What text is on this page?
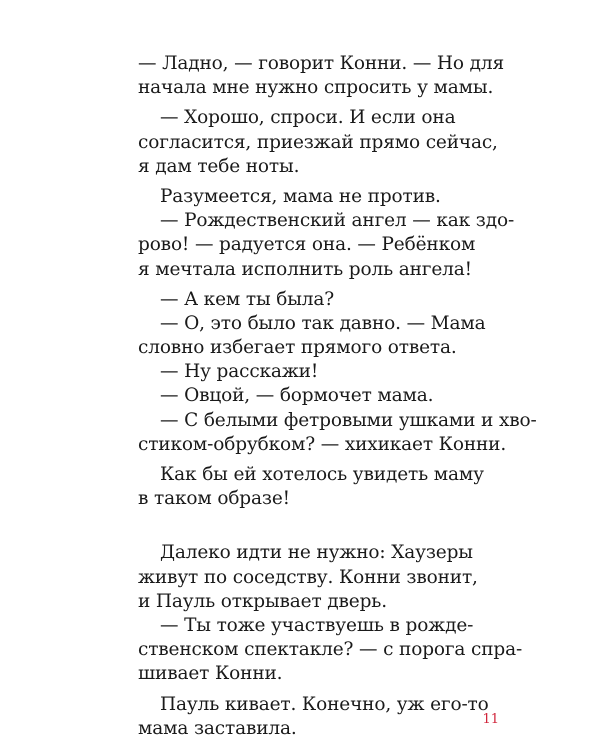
— Ладно, — говорит Конни. — Но для
начала мне нужно спросить у мамы.
— Хорошо, спроси. И если она
согласится, приезжай прямо сейчас,
я дам тебе ноты.
Разумеется, мама не против.
— Рождественский ангел — как здо-
рово! — радуется она. — Ребёнком
я мечтала исполнить роль ангела!
— А кем ты была?
— О, это было так давно. — Мама
словно избегает прямого ответа.
— Ну расскажи!
— Овцой, — бормочет мама.
— С белыми фетровыми ушками и хво-
стиком-обрубком? — хихикает Конни.
Как бы ей хотелось увидеть маму
в таком образе!
Далеко идти не нужно: Хаузеры
живут по соседству. Конни звонит,
и Пауль открывает дверь.
— Ты тоже участвуешь в рожде-
ственском спектакле? — с порога спра-
шивает Конни.
Пауль кивает. Конечно, уж его-то
мама заставила.	11
